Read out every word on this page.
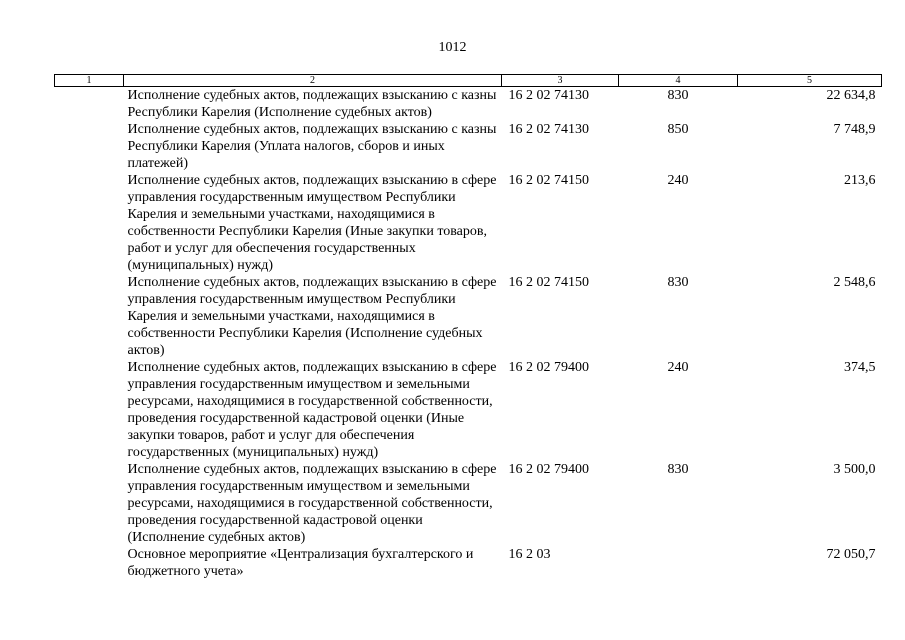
1012
1	2	3	4	5
	Исполнение судебных актов, подлежащих взысканию с казны Республики Карелия (Исполнение судебных актов)	16 2 02 74130	830	22 634,8
	Исполнение судебных актов, подлежащих взысканию с казны Республики Карелия (Уплата налогов, сборов и иных платежей)	16 2 02 74130	850	7 748,9
	Исполнение судебных актов, подлежащих взысканию в сфере управления государственным имуществом Республики Карелия и земельными участками, находящимися в собственности Республики Карелия (Иные закупки товаров, работ и услуг для обеспечения государственных (муниципальных) нужд)	16 2 02 74150	240	213,6
	Исполнение судебных актов, подлежащих взысканию в сфере управления государственным имуществом Республики Карелия и земельными участками, находящимися в собственности Республики Карелия (Исполнение судебных актов)	16 2 02 74150	830	2 548,6
	Исполнение судебных актов, подлежащих взысканию в сфере управления государственным имуществом и земельными ресурсами, находящимися в государственной собственности, проведения государственной кадастровой оценки (Иные закупки товаров, работ и услуг для обеспечения государственных (муниципальных) нужд)	16 2 02 79400	240	374,5
	Исполнение судебных актов, подлежащих взысканию в сфере управления государственным имуществом и земельными ресурсами, находящимися в государственной собственности, проведения государственной кадастровой оценки (Исполнение судебных актов)	16 2 02 79400	830	3 500,0
	Основное мероприятие «Централизация бухгалтерского и бюджетного учета»	16 2 03		72 050,7
